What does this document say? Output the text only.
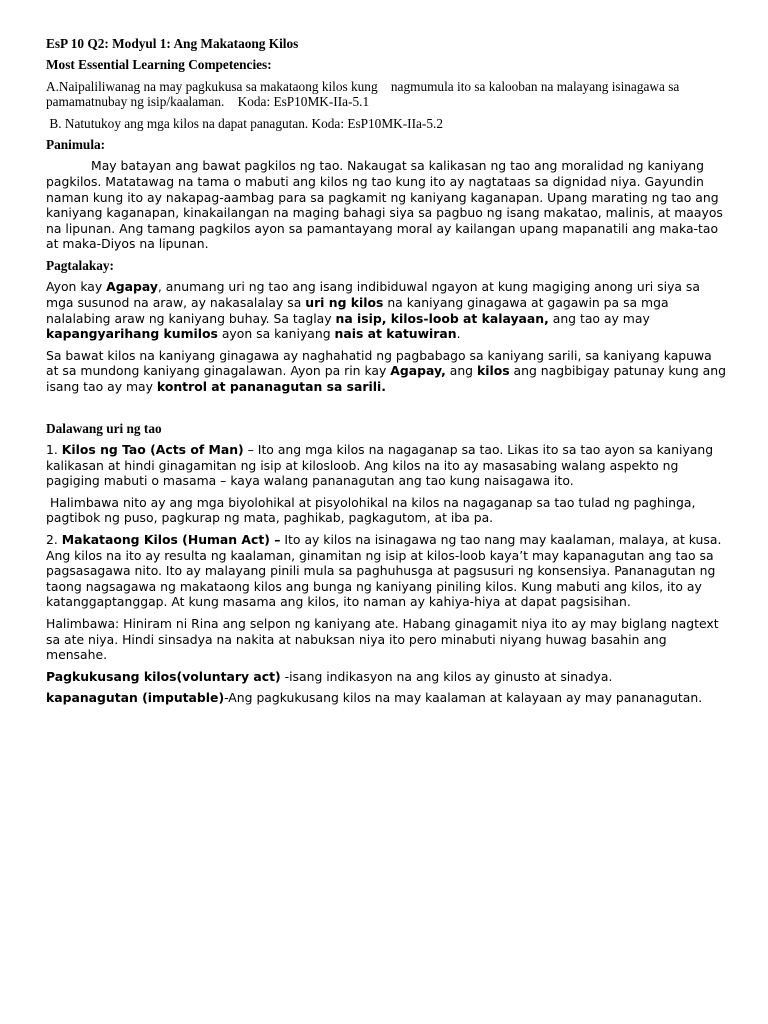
EsP 10 Q2: Modyul 1: Ang Makataong Kilos

Most Essential Learning Competencies:

A.Naipaliliwanag na may pagkukusa sa makataong kilos kung    nagmumula ito sa kalooban na malayang isinagawa sa    pamamatnubay ng isip/kaalaman.    Koda: EsP10MK-IIa-5.1

B. Natutukoy ang mga kilos na dapat panagutan. Koda: EsP10MK-IIa-5.2

Panimula:

May batayan ang bawat pagkilos ng tao. Nakaugat sa kalikasan ng tao ang moralidad ng kaniyang pagkilos. Matatawag na tama o mabuti ang kilos ng tao kung ito ay nagtataas sa dignidad niya. Gayundin naman kung ito ay nakapag-aambag para sa pagkamit ng kaniyang kaganapan. Upang marating ng tao ang kaniyang kaganapan, kinakailangan na maging bahagi siya sa pagbuo ng isang makatao, malinis, at maayos na lipunan. Ang tamang pagkilos ayon sa pamantayang moral ay kailangan upang mapanatili ang maka-tao at maka-Diyos na lipunan.

Pagtalakay:

Ayon kay Agapay, anumang uri ng tao ang isang indibiduwal ngayon at kung magiging anong uri siya sa mga susunod na araw, ay nakasalalay sa uri ng kilos na kaniyang ginagawa at gagawin pa sa mga nalalabing araw ng kaniyang buhay. Sa taglay na isip, kilos-loob at kalayaan, ang tao ay may kapangyarihang kumilos ayon sa kaniyang nais at katuwiran.

Sa bawat kilos na kaniyang ginagawa ay naghahatid ng pagbabago sa kaniyang sarili, sa kaniyang kapuwa at sa mundong kaniyang ginagalawan. Ayon pa rin kay Agapay, ang kilos ang nagbibigay patunay kung ang isang tao ay may kontrol at pananagutan sa sarili.

Dalawang uri ng tao

1. Kilos ng Tao (Acts of Man) – Ito ang mga kilos na nagaganap sa tao. Likas ito sa tao ayon sa kaniyang kalikasan at hindi ginagamitan ng isip at kilosloob. Ang kilos na ito ay masasabing walang aspekto ng pagiging mabuti o masama – kaya walang pananagutan ang tao kung naisagawa ito.

Halimbawa nito ay ang mga biyolohikal at pisyolohikal na kilos na nagaganap sa tao tulad ng paghinga, pagtibok ng puso, pagkurap ng mata, paghikab, pagkagutom, at iba pa.

2. Makataong Kilos (Human Act) – Ito ay kilos na isinagawa ng tao nang may kaalaman, malaya, at kusa. Ang kilos na ito ay resulta ng kaalaman, ginamitan ng isip at kilos-loob kaya’t may kapanagutan ang tao sa pagsasagawa nito. Ito ay malayang pinili mula sa paghuhusga at pagsusuri ng konsensiya. Pananagutan ng taong nagsagawa ng makataong kilos ang bunga ng kaniyang piniling kilos. Kung mabuti ang kilos, ito ay katanggaptanggap. At kung masama ang kilos, ito naman ay kahiya-hiya at dapat pagsisihan.

Halimbawa: Hiniram ni Rina ang selpon ng kaniyang ate. Habang ginagamit niya ito ay may biglang nagtext sa ate niya. Hindi sinsadya na nakita at nabuksan niya ito pero minabuti niyang huwag basahin ang mensahe.

Pagkukusang kilos(voluntary act) -isang indikasyon na ang kilos ay ginusto at sinadya.

kapanagutan (imputable)-Ang pagkukusang kilos na may kaalaman at kalayaan ay may pananagutan.
